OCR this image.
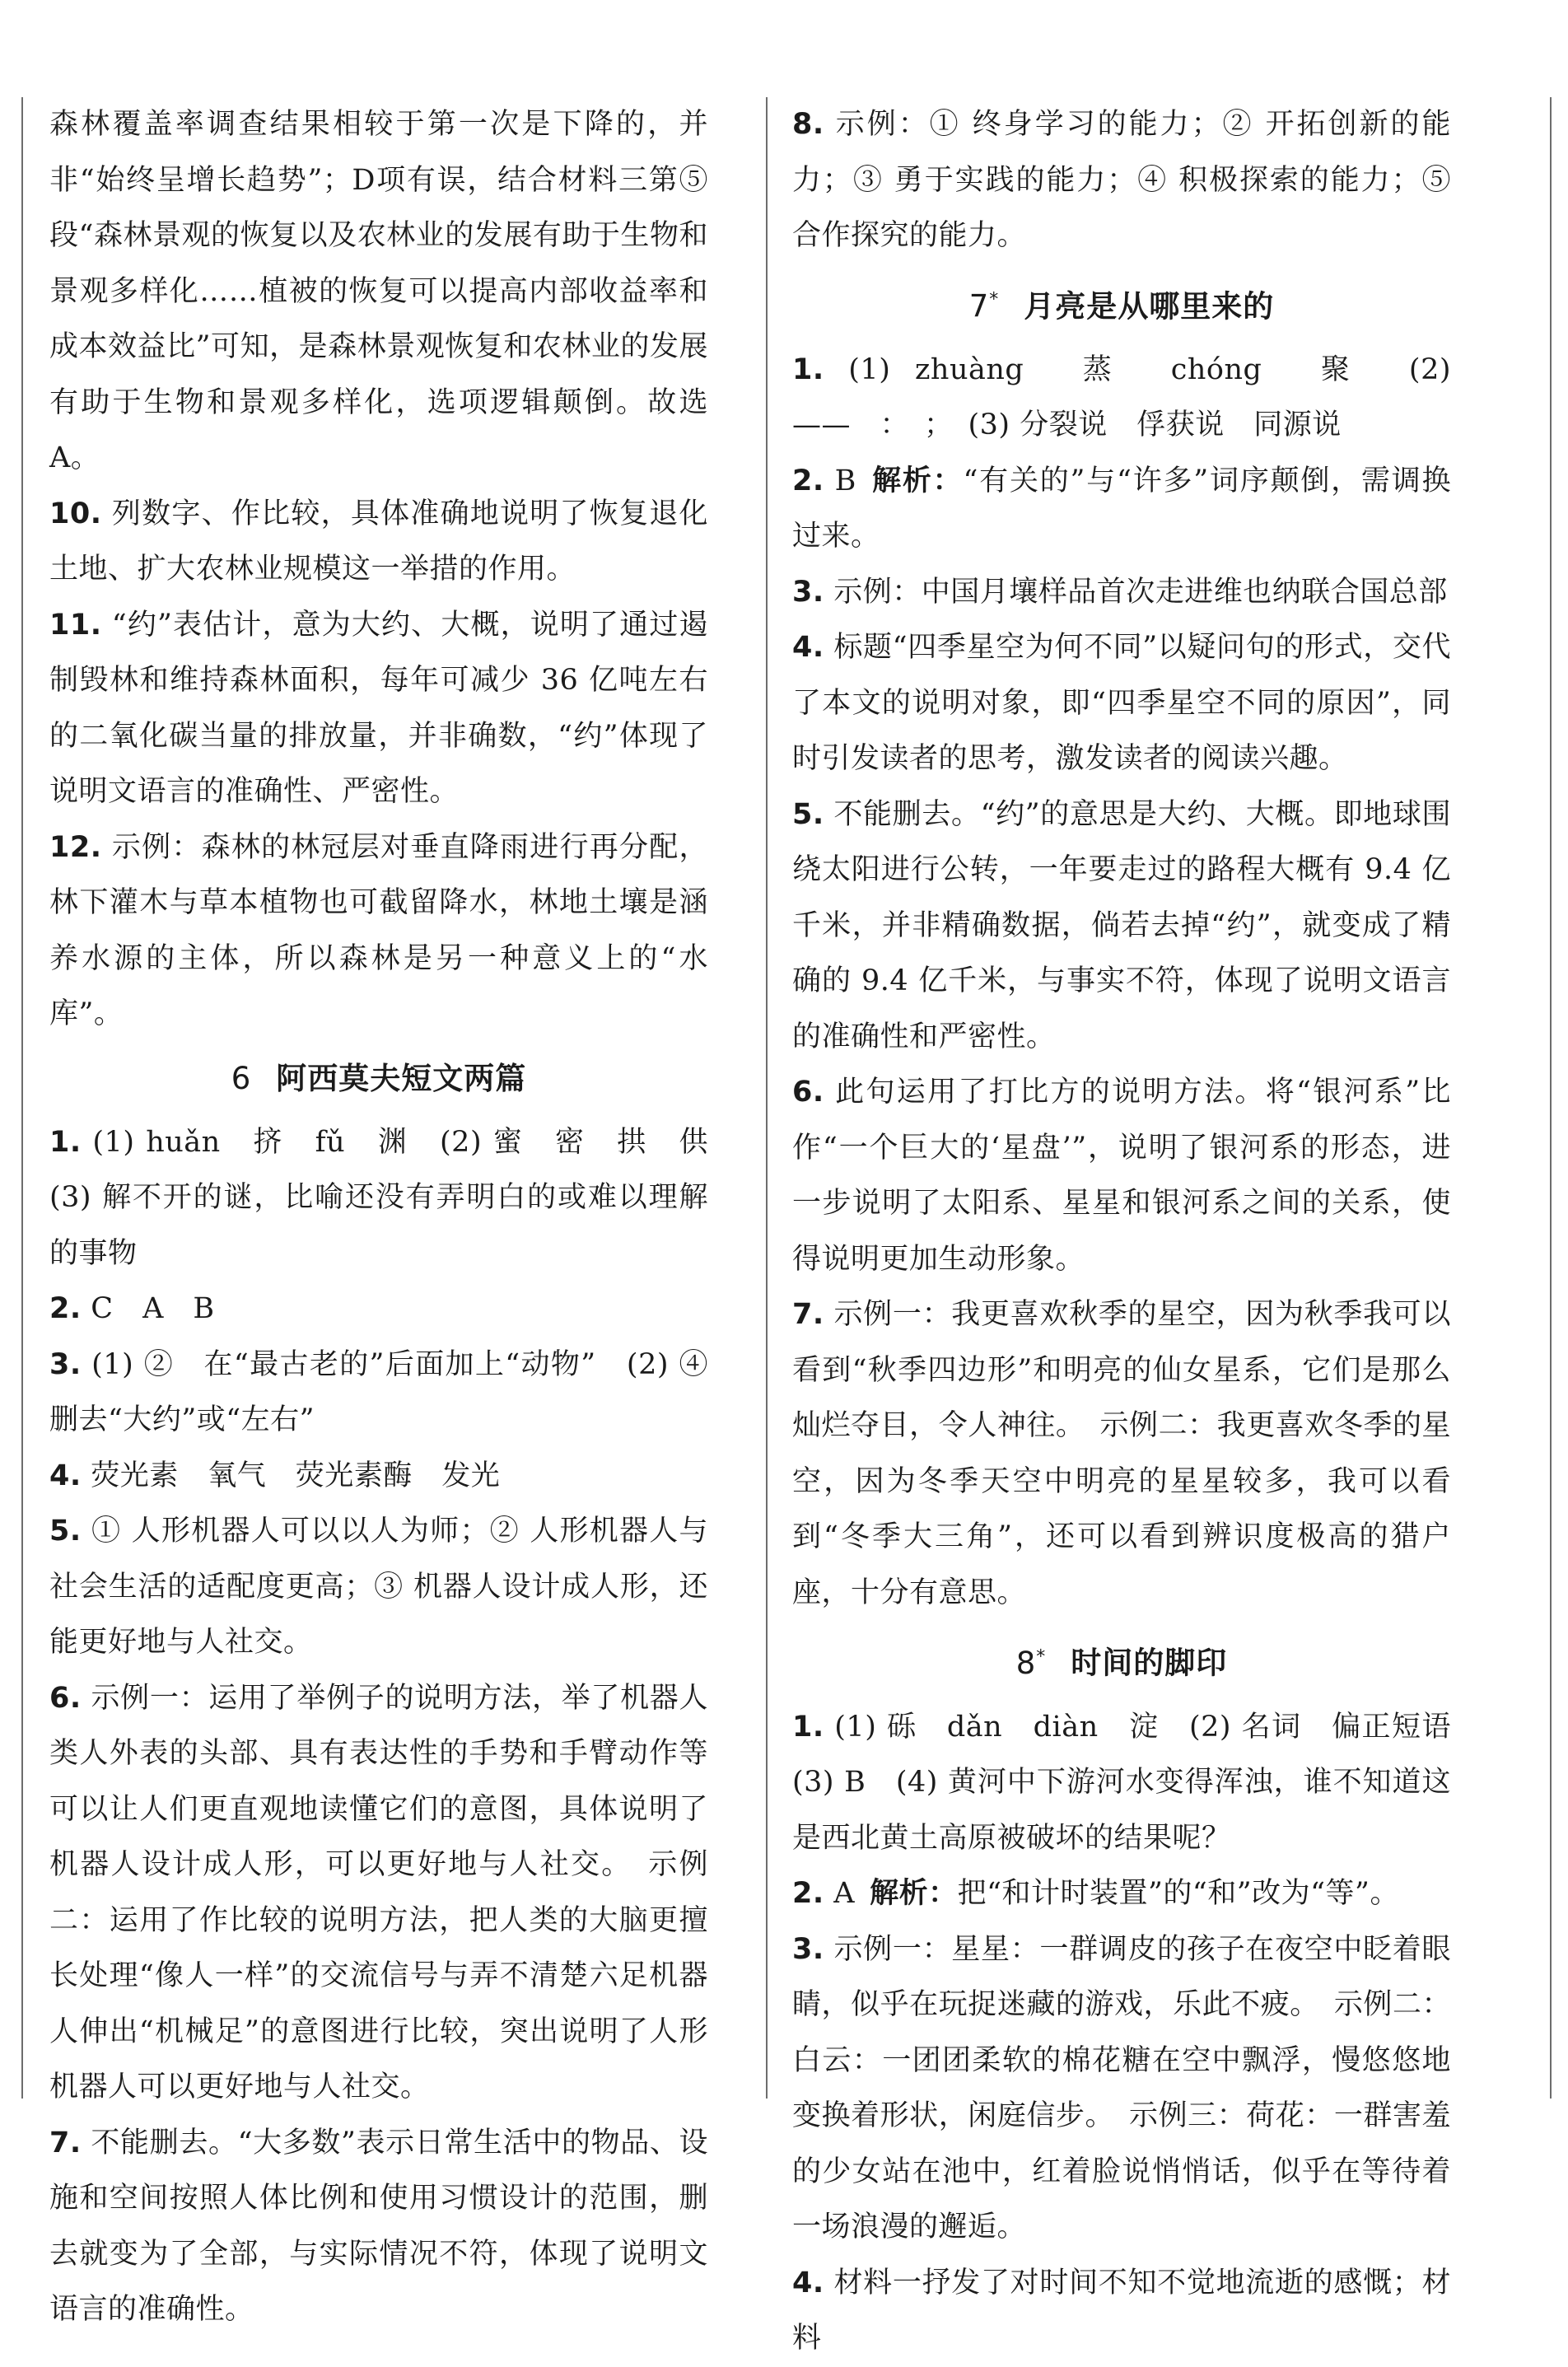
森林覆盖率调查结果相较于第一次是下降的，并非“始终呈增长趋势”；D项有误，结合材料三第⑤段“森林景观的恢复以及农林业的发展有助于生物和景观多样化……植被的恢复可以提高内部收益率和成本效益比”可知，是森林景观恢复和农林业的发展有助于生物和景观多样化，选项逻辑颠倒。故选 A。

10. 列数字、作比较，具体准确地说明了恢复退化土地、扩大农林业规模这一举措的作用。

11. “约”表估计，意为大约、大概，说明了通过遏制毁林和维持森林面积，每年可减少 36 亿吨左右的二氧化碳当量的排放量，并非确数，“约”体现了说明文语言的准确性、严密性。

12. 示例：森林的林冠层对垂直降雨进行再分配，林下灌木与草本植物也可截留降水，林地土壤是涵养水源的主体，所以森林是另一种意义上的“水库”。

6 阿西莫夫短文两篇

1. (1) huǎn　挤　fǔ　渊　(2) 蜜　密　拱　供　(3) 解不开的谜，比喻还没有弄明白的或难以理解的事物

2. C　A　B

3. (1) ②　在“最古老的”后面加上“动物”　(2) ④　删去“大约”或“左右”

4. 荧光素　氧气　荧光素酶　发光

5. ① 人形机器人可以以人为师；② 人形机器人与社会生活的适配度更高；③ 机器人设计成人形，还能更好地与人社交。

6. 示例一：运用了举例子的说明方法，举了机器人类人外表的头部、具有表达性的手势和手臂动作等可以让人们更直观地读懂它们的意图，具体说明了机器人设计成人形，可以更好地与人社交。　示例二：运用了作比较的说明方法，把人类的大脑更擅长处理“像人一样”的交流信号与弄不清楚六足机器人伸出“机械足”的意图进行比较，突出说明了人形机器人可以更好地与人社交。

7. 不能删去。“大多数”表示日常生活中的物品、设施和空间按照人体比例和使用习惯设计的范围，删去就变为了全部，与实际情况不符，体现了说明文语言的准确性。

8. 示例：① 终身学习的能力；② 开拓创新的能力；③ 勇于实践的能力；④ 积极探索的能力；⑤ 合作探究的能力。

7* 月亮是从哪里来的

1. (1) zhuàng　蒸　chóng　聚　(2) ——　：　；　(3) 分裂说　俘获说　同源说

2. B 解析：“有关的”与“许多”词序颠倒，需调换过来。

3. 示例：中国月壤样品首次走进维也纳联合国总部

4. 标题“四季星空为何不同”以疑问句的形式，交代了本文的说明对象，即“四季星空不同的原因”，同时引发读者的思考，激发读者的阅读兴趣。

5. 不能删去。“约”的意思是大约、大概。即地球围绕太阳进行公转，一年要走过的路程大概有 9.4 亿千米，并非精确数据，倘若去掉“约”，就变成了精确的 9.4 亿千米，与事实不符，体现了说明文语言的准确性和严密性。

6. 此句运用了打比方的说明方法。将“银河系”比作“一个巨大的‘星盘’”，说明了银河系的形态，进一步说明了太阳系、星星和银河系之间的关系，使得说明更加生动形象。

7. 示例一：我更喜欢秋季的星空，因为秋季我可以看到“秋季四边形”和明亮的仙女星系，它们是那么灿烂夺目，令人神往。　示例二：我更喜欢冬季的星空，因为冬季天空中明亮的星星较多，我可以看到“冬季大三角”，还可以看到辨识度极高的猎户座，十分有意思。

8* 时间的脚印

1. (1) 砾　dǎn　diàn　淀　(2) 名词　偏正短语　(3) B　(4) 黄河中下游河水变得浑浊，谁不知道这是西北黄土高原被破坏的结果呢？

2. A 解析：把“和计时装置”的“和”改为“等”。

3. 示例一：星星：一群调皮的孩子在夜空中眨着眼睛，似乎在玩捉迷藏的游戏，乐此不疲。　示例二：白云：一团团柔软的棉花糖在空中飘浮，慢悠悠地变换着形状，闲庭信步。　示例三：荷花：一群害羞的少女站在池中，红着脸说悄悄话，似乎在等待着一场浪漫的邂逅。

4. 材料一抒发了对时间不知不觉地流逝的感慨；材料
